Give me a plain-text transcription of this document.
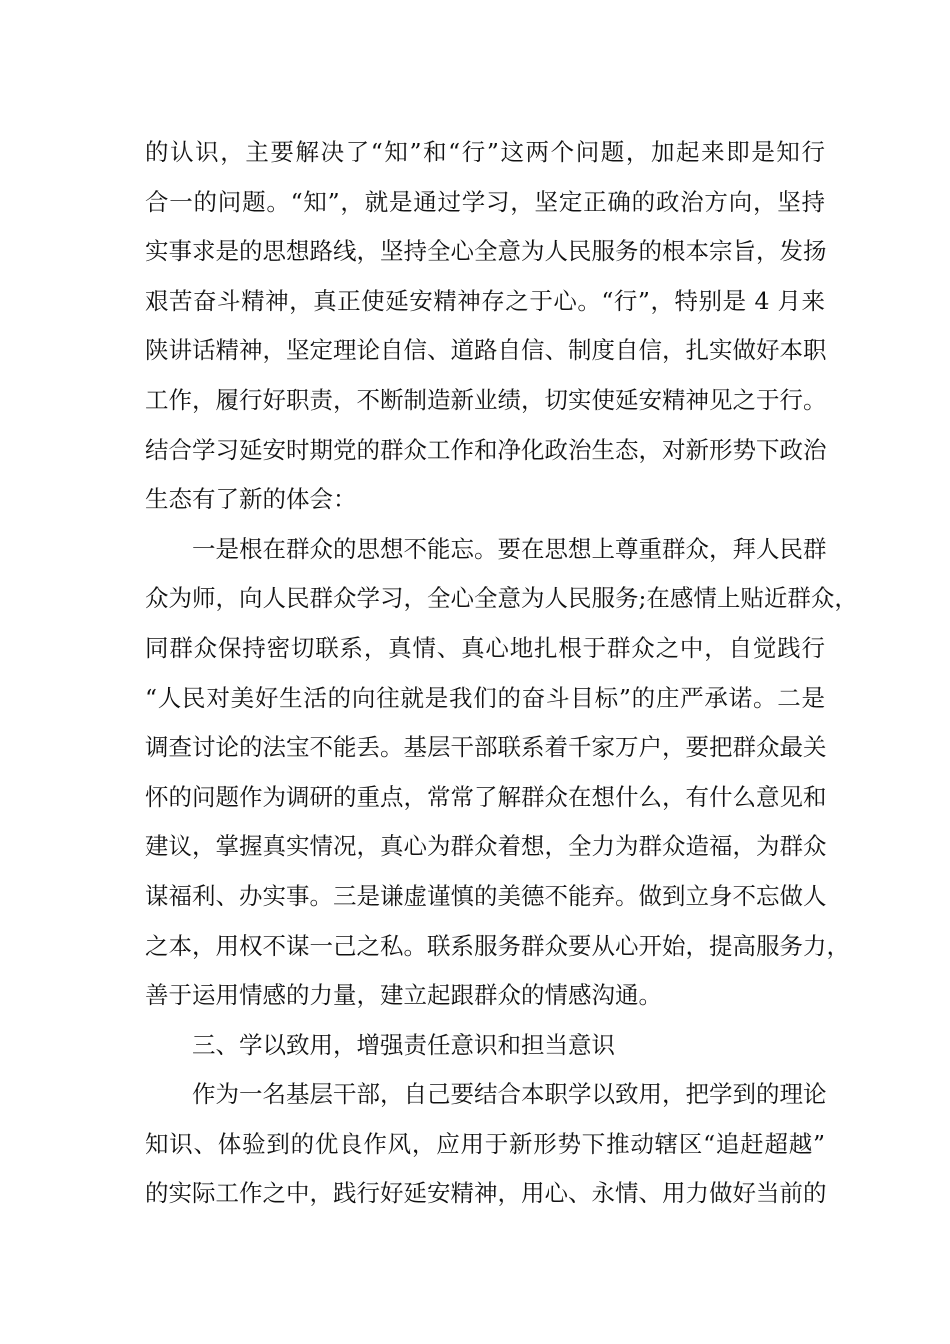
的认识，主要解决了“知”和“行”这两个问题，加起来即是知行
合一的问题。“知”，就是通过学习，坚定正确的政治方向，坚持
实事求是的思想路线，坚持全心全意为人民服务的根本宗旨，发扬
艰苦奋斗精神，真正使延安精神存之于心。“行”，特别是 4 月来
陕讲话精神，坚定理论自信、道路自信、制度自信，扎实做好本职
工作，履行好职责，不断制造新业绩，切实使延安精神见之于行。
结合学习延安时期党的群众工作和净化政治生态，对新形势下政治
生态有了新的体会：
一是根在群众的思想不能忘。要在思想上尊重群众，拜人民群
众为师，向人民群众学习，全心全意为人民服务;在感情上贴近群众，
同群众保持密切联系，真情、真心地扎根于群众之中，自觉践行
“人民对美好生活的向往就是我们的奋斗目标”的庄严承诺。二是
调查讨论的法宝不能丢。基层干部联系着千家万户，要把群众最关
怀的问题作为调研的重点，常常了解群众在想什么，有什么意见和
建议，掌握真实情况，真心为群众着想，全力为群众造福，为群众
谋福利、办实事。三是谦虚谨慎的美德不能弃。做到立身不忘做人
之本，用权不谋一己之私。联系服务群众要从心开始，提高服务力，
善于运用情感的力量，建立起跟群众的情感沟通。
三、学以致用，增强责任意识和担当意识
作为一名基层干部，自己要结合本职学以致用，把学到的理论
知识、体验到的优良作风，应用于新形势下推动辖区“追赶超越”
的实际工作之中，践行好延安精神，用心、永情、用力做好当前的
